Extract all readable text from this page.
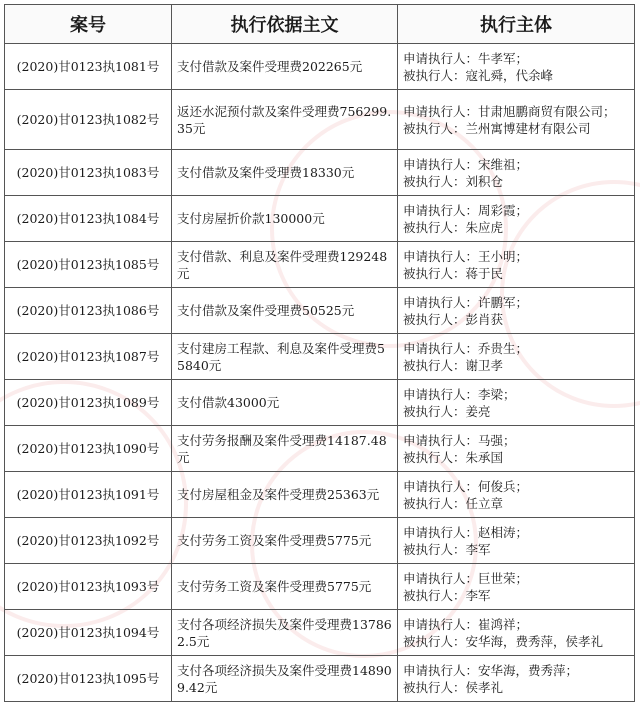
案号	执行依据主文	执行主体
(2020)甘0123执1081号	支付借款及案件受理费202265元	申请执行人：牛孝军；
被执行人：寇礼舜，代余峰

(2020)甘0123执1082号	返还水泥预付款及案件受理费756299.35元	申请执行人：甘肃旭鹏商贸有限公司； 被执行人：兰州寓博建材有限公司

(2020)甘0123执1083号	支付借款及案件受理费18330元	申请执行人：宋维祖；
被执行人：刘积仓

(2020)甘0123执1084号	支付房屋折价款130000元	申请执行人：周彩霞；
被执行人：朱应虎

(2020)甘0123执1085号	支付借款、利息及案件受理费129248元	申请执行人：王小明；
被执行人：蒋于民

(2020)甘0123执1086号	支付借款及案件受理费50525元	申请执行人：许鹏军；
被执行人：彭肖获

(2020)甘0123执1087号	支付建房工程款、利息及案件受理费55840元	申请执行人：乔贵生；
被执行人：谢卫孝

(2020)甘0123执1089号	支付借款43000元	申请执行人：李梁；
被执行人：姜亮

(2020)甘0123执1090号	支付劳务报酬及案件受理费14187.48元	申请执行人：马强；
被执行人：朱承国

(2020)甘0123执1091号	支付房屋租金及案件受理费25363元	申请执行人：何俊兵；
被执行人：任立章

(2020)甘0123执1092号	支付劳务工资及案件受理费5775元	申请执行人：赵相涛；
被执行人：李军

(2020)甘0123执1093号	支付劳务工资及案件受理费5775元	申请执行人：巨世荣；
被执行人：李军

(2020)甘0123执1094号	支付各项经济损失及案件受理费137862.5元	申请执行人：崔鸿祥；
被执行人：安华海，费秀萍，侯孝礼

(2020)甘0123执1095号	支付各项经济损失及案件受理费148909.42元	申请执行人：安华海，费秀萍；
被执行人：侯孝礼
